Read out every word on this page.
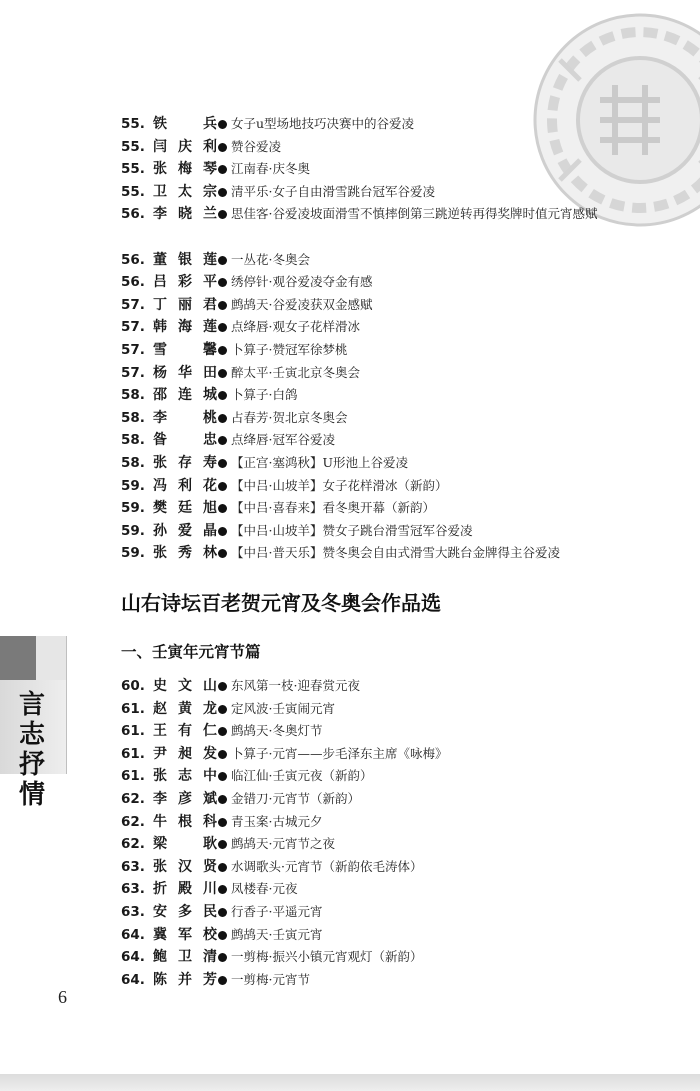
55. 铁　兵 女子u型场地技巧决赛中的谷爱凌
55. 闫庆利 赞谷爱凌
55. 张梅琴 江南春·庆冬奥
55. 卫太宗 清平乐·女子自由滑雪跳台冠军谷爱凌
56. 李晓兰 思佳客·谷爱凌坡面滑雪不慎摔倒第三跳逆转再得奖牌时值元宵感赋
56. 董银莲 一丛花·冬奥会
56. 吕彩平 绣停针·观谷爱凌夺金有感
57. 丁丽君 鹧鸪天·谷爱凌获双金感赋
57. 韩海莲 点绛唇·观女子花样滑冰
57. 雪　馨 卜算子·赞冠军徐梦桃
57. 杨华田 醉太平·壬寅北京冬奥会
58. 邵连城 卜算子·白鸽
58. 李　桃 占春芳·贺北京冬奥会
58. 昝　忠 点绛唇·冠军谷爱凌
58. 张存寿 【正宫·塞鸿秋】U形池上谷爱凌
59. 冯利花 【中吕·山坡羊】女子花样滑冰（新韵）
59. 樊廷旭 【中吕·喜春来】看冬奥开幕（新韵）
59. 孙爱晶 【中吕·山坡羊】赞女子跳台滑雪冠军谷爱凌
59. 张秀林 【中吕·普天乐】赞冬奥会自由式滑雪大跳台金牌得主谷爱凌
山右诗坛百老贺元宵及冬奥会作品选
一、壬寅年元宵节篇
60. 史文山 东风第一枝·迎春赏元夜
61. 赵黄龙 定风波·壬寅闹元宵
61. 王有仁 鹧鸪天·冬奥灯节
61. 尹昶发 卜算子·元宵——步毛泽东主席《咏梅》
61. 张志中 临江仙·壬寅元夜（新韵）
62. 李彦斌 金错刀·元宵节（新韵）
62. 牛根科 青玉案·古城元夕
62. 梁　耿 鹧鸪天·元宵节之夜
63. 张汉贤 水调歌头·元宵节（新韵依毛涛体）
63. 折殿川 凤楼春·元夜
63. 安多民 行香子·平遥元宵
64. 冀军校 鹧鸪天·壬寅元宵
64. 鲍卫清 一剪梅·振兴小镇元宵观灯（新韵）
64. 陈并芳 一剪梅·元宵节
言
志
抒
情
6
